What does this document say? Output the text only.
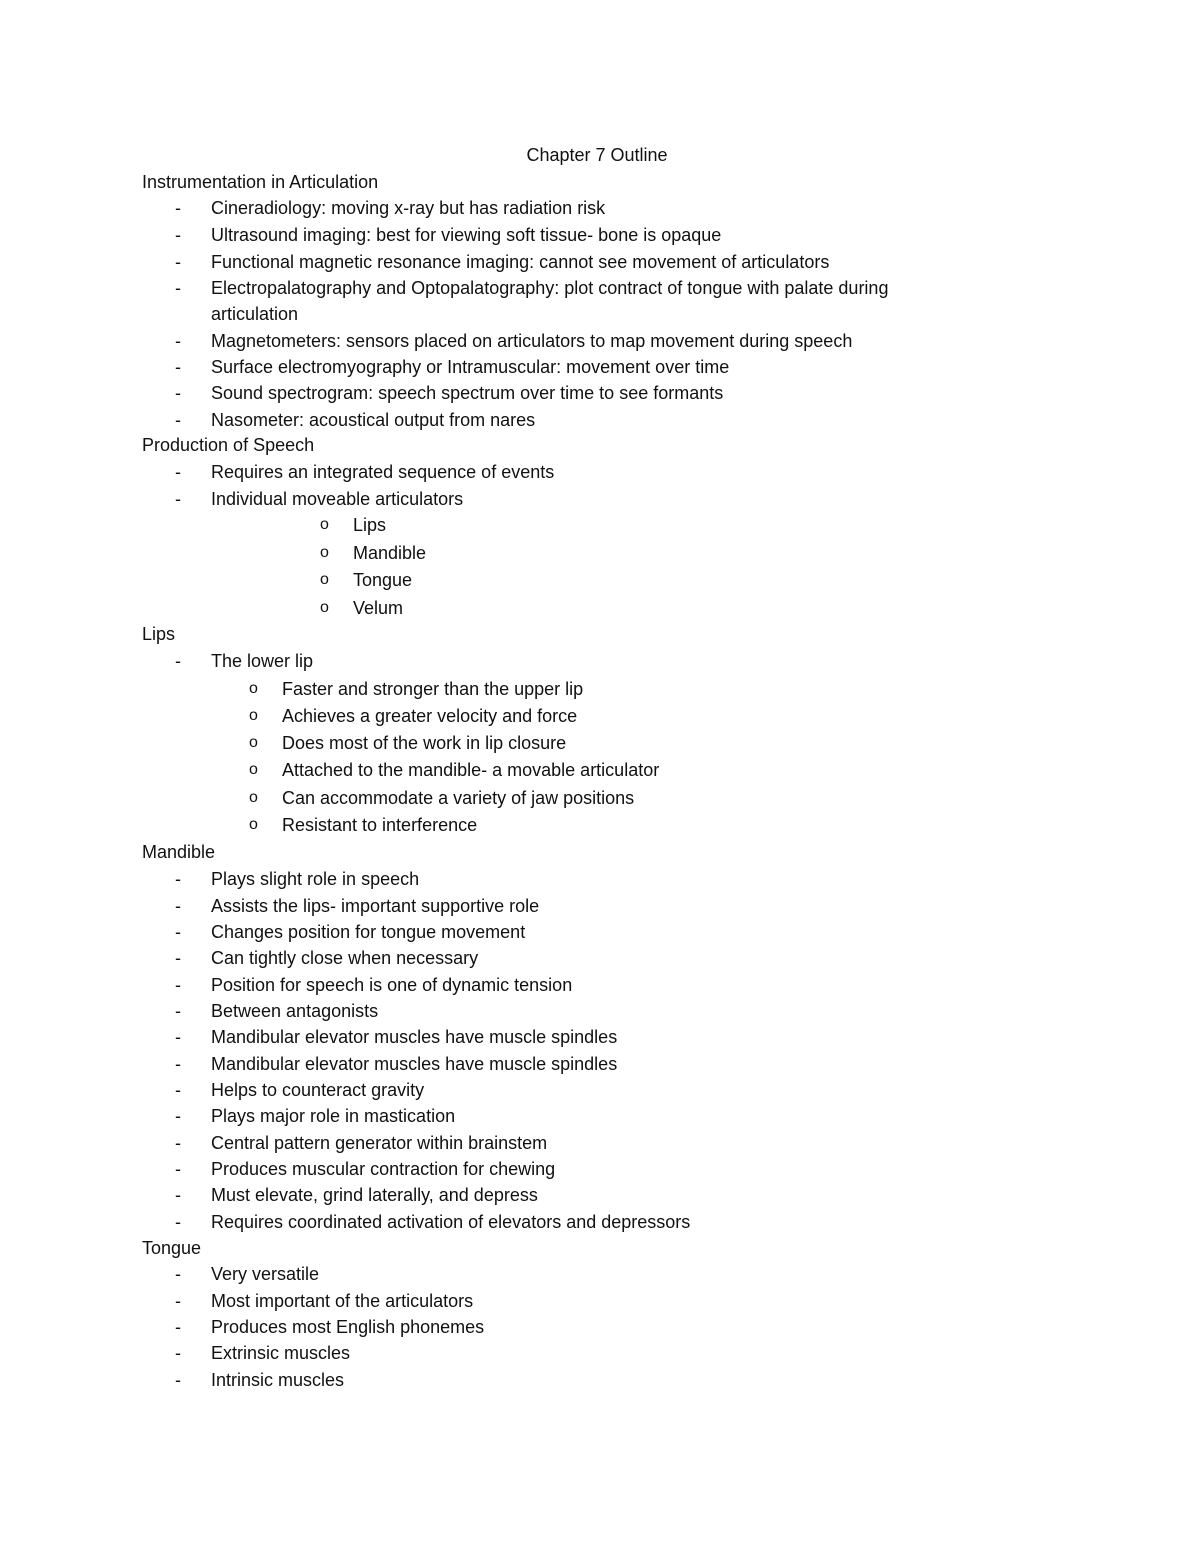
Chapter 7 Outline
Instrumentation in Articulation
- Cineradiology: moving x-ray but has radiation risk
- Ultrasound imaging: best for viewing soft tissue- bone is opaque
- Functional magnetic resonance imaging: cannot see movement of articulators
- Electropalatography and Optopalatography: plot contract of tongue with palate during
articulation
- Magnetometers: sensors placed on articulators to map movement during speech
- Surface electromyography or Intramuscular: movement over time
- Sound spectrogram: speech spectrum over time to see formants
- Nasometer: acoustical output from nares
Production of Speech
- Requires an integrated sequence of events
- Individual moveable articulators
o Lips
o Mandible
o Tongue
o Velum
Lips
- The lower lip
o Faster and stronger than the upper lip
o Achieves a greater velocity and force
o Does most of the work in lip closure
o Attached to the mandible- a movable articulator
o Can accommodate a variety of jaw positions
o Resistant to interference
Mandible
- Plays slight role in speech
- Assists the lips- important supportive role
- Changes position for tongue movement
- Can tightly close when necessary
- Position for speech is one of dynamic tension
- Between antagonists
- Mandibular elevator muscles have muscle spindles
- Mandibular elevator muscles have muscle spindles
- Helps to counteract gravity
- Plays major role in mastication
- Central pattern generator within brainstem
- Produces muscular contraction for chewing
- Must elevate, grind laterally, and depress
- Requires coordinated activation of elevators and depressors
Tongue
- Very versatile
- Most important of the articulators
- Produces most English phonemes
- Extrinsic muscles
- Intrinsic muscles
